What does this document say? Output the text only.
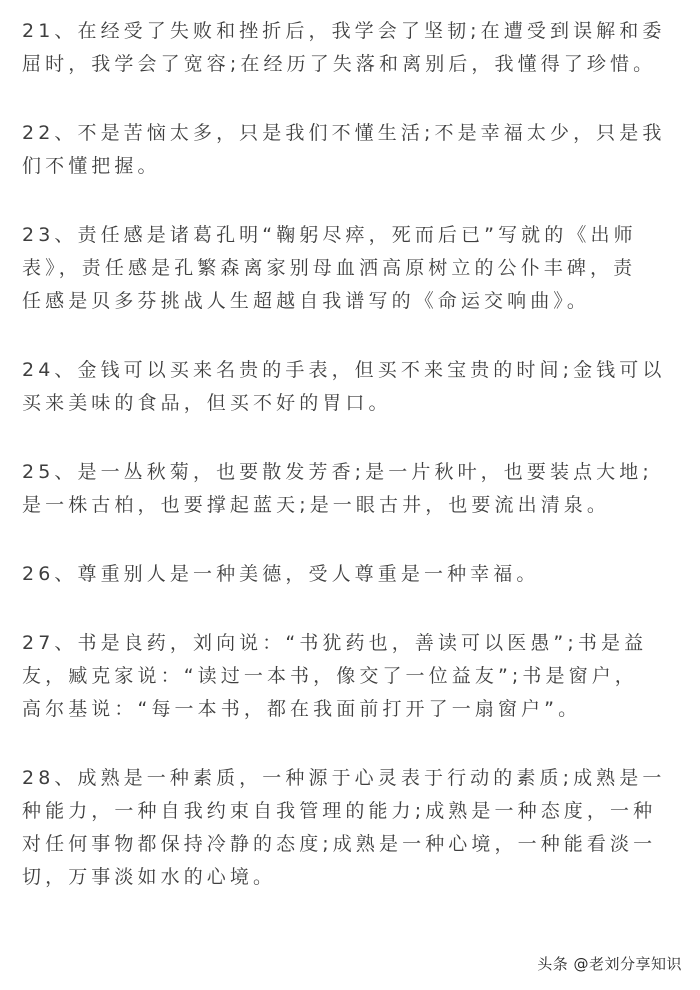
21、在经受了失败和挫折后，我学会了坚韧;在遭受到误解和委
屈时，我学会了宽容;在经历了失落和离别后，我懂得了珍惜。
22、不是苦恼太多，只是我们不懂生活;不是幸福太少，只是我
们不懂把握。
23、责任感是诸葛孔明“鞠躬尽瘁，死而后已”写就的《出师
表》，责任感是孔繁森离家别母血洒高原树立的公仆丰碑，责
任感是贝多芬挑战人生超越自我谱写的《命运交响曲》。
24、金钱可以买来名贵的手表，但买不来宝贵的时间;金钱可以
买来美味的食品，但买不好的胃口。
25、是一丛秋菊，也要散发芳香;是一片秋叶，也要装点大地;
是一株古柏，也要撑起蓝天;是一眼古井，也要流出清泉。
26、尊重别人是一种美德，受人尊重是一种幸福。
27、书是良药，刘向说：“书犹药也，善读可以医愚”;书是益
友，臧克家说：“读过一本书，像交了一位益友”;书是窗户，
高尔基说：“每一本书，都在我面前打开了一扇窗户”。
28、成熟是一种素质，一种源于心灵表于行动的素质;成熟是一
种能力，一种自我约束自我管理的能力;成熟是一种态度，一种
对任何事物都保持冷静的态度;成熟是一种心境，一种能看淡一
切，万事淡如水的心境。
头条 @老刘分享知识
